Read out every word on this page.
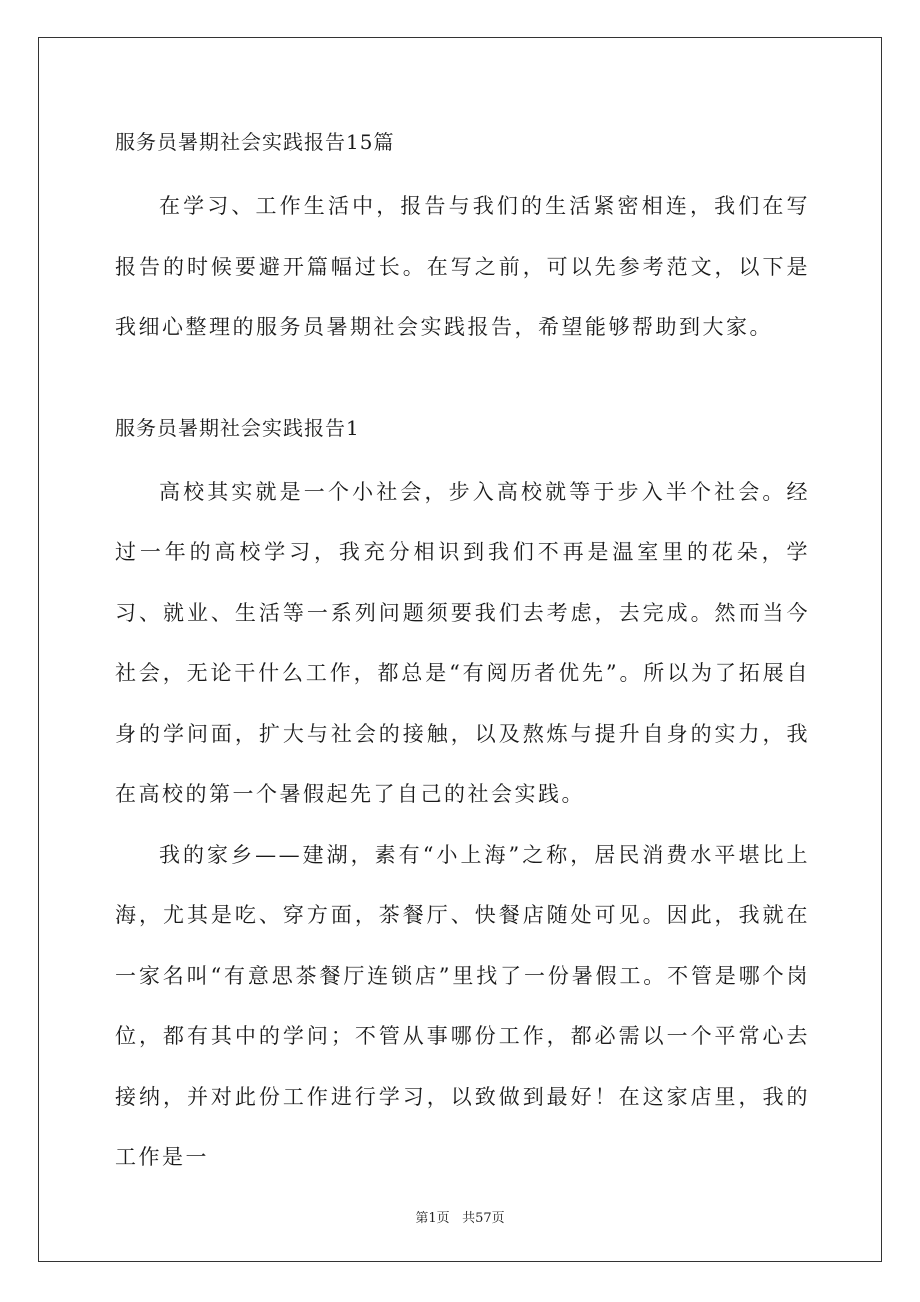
服务员暑期社会实践报告15篇

在学习、工作生活中，报告与我们的生活紧密相连，我们在写报告的时候要避开篇幅过长。在写之前，可以先参考范文，以下是我细心整理的服务员暑期社会实践报告，希望能够帮助到大家。

服务员暑期社会实践报告1

高校其实就是一个小社会，步入高校就等于步入半个社会。经过一年的高校学习，我充分相识到我们不再是温室里的花朵，学习、就业、生活等一系列问题须要我们去考虑，去完成。然而当今社会，无论干什么工作，都总是“有阅历者优先”。所以为了拓展自身的学问面，扩大与社会的接触，以及熬炼与提升自身的实力，我在高校的第一个暑假起先了自己的社会实践。

我的家乡——建湖，素有“小上海”之称，居民消费水平堪比上海，尤其是吃、穿方面，茶餐厅、快餐店随处可见。因此，我就在一家名叫“有意思茶餐厅连锁店”里找了一份暑假工。不管是哪个岗位，都有其中的学问；不管从事哪份工作，都必需以一个平常心去接纳，并对此份工作进行学习，以致做到最好！在这家店里，我的工作是一

第1页 共57页
